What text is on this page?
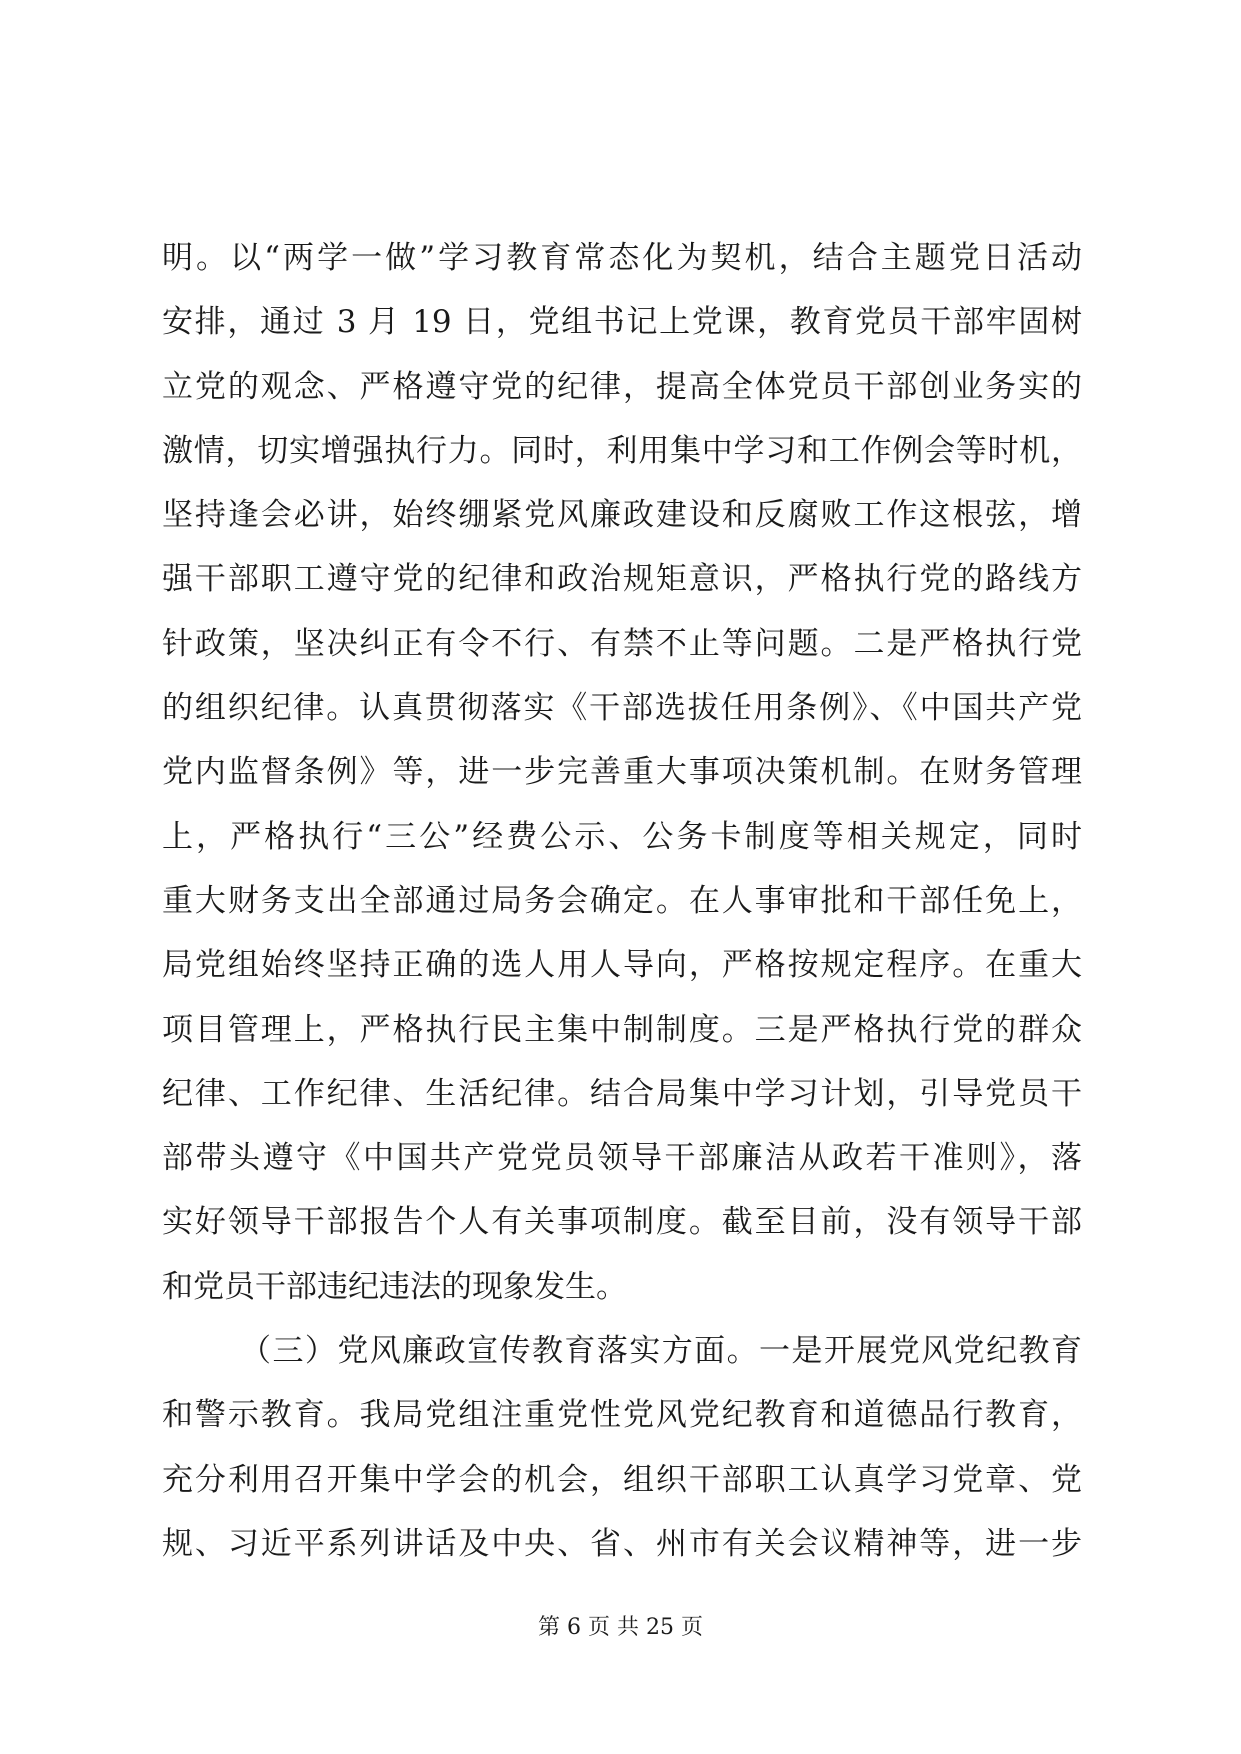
明。以“两学一做”学习教育常态化为契机，结合主题党日活动
安排，通过 3 月 19 日，党组书记上党课，教育党员干部牢固树
立党的观念、严格遵守党的纪律，提高全体党员干部创业务实的
激情，切实增强执行力。同时，利用集中学习和工作例会等时机，
坚持逢会必讲，始终绷紧党风廉政建设和反腐败工作这根弦，增
强干部职工遵守党的纪律和政治规矩意识，严格执行党的路线方
针政策，坚决纠正有令不行、有禁不止等问题。二是严格执行党
的组织纪律。认真贯彻落实《干部选拔任用条例》、《中国共产党
党内监督条例》等，进一步完善重大事项决策机制。在财务管理
上，严格执行“三公”经费公示、公务卡制度等相关规定，同时
重大财务支出全部通过局务会确定。在人事审批和干部任免上，
局党组始终坚持正确的选人用人导向，严格按规定程序。在重大
项目管理上，严格执行民主集中制制度。三是严格执行党的群众
纪律、工作纪律、生活纪律。结合局集中学习计划，引导党员干
部带头遵守《中国共产党党员领导干部廉洁从政若干准则》，落
实好领导干部报告个人有关事项制度。截至目前，没有领导干部
和党员干部违纪违法的现象发生。
（三）党风廉政宣传教育落实方面。一是开展党风党纪教育
和警示教育。我局党组注重党性党风党纪教育和道德品行教育，
充分利用召开集中学会的机会，组织干部职工认真学习党章、党
规、习近平系列讲话及中央、省、州市有关会议精神等，进一步
第 6 页 共 25 页
